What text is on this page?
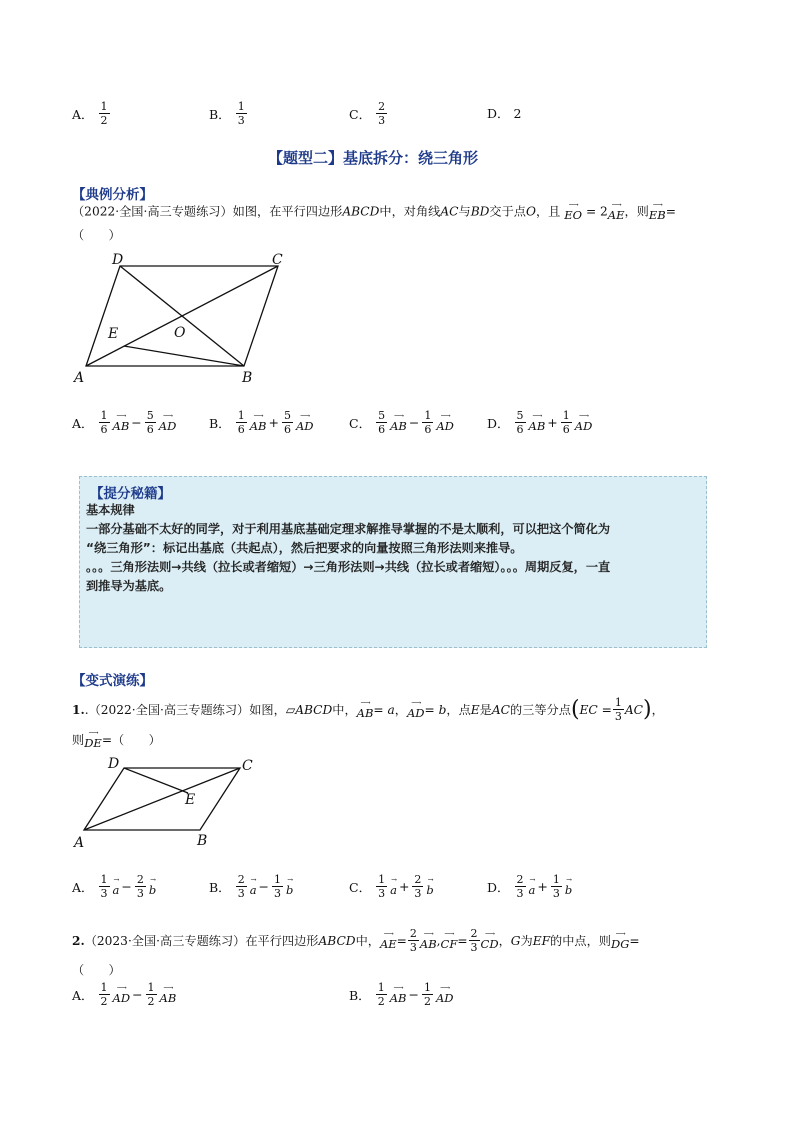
A． $\frac{1}{2}$	B． $\frac{1}{3}$	C． $\frac{2}{3}$	D． 2
【题型二】基底拆分：绕三角形
【典例分析】
（2022·全国·高三专题练习）如图，在平行四边形ABCD中，对角线AC与BD交于点O，且 ⟶
EO = 2 ⟶
AE ，则 ⟶
EB =
（　　）
A	B
C
D
E	O
A． $\frac{1}{6}$ ⟶
AB − $\frac{5}{6}$ ⟶
AD	B． $\frac{1}{6}$ ⟶
AB + $\frac{5}{6}$ ⟶
AD	C． $\frac{5}{6}$ ⟶
AB − $\frac{1}{6}$ ⟶
AD	D． $\frac{5}{6}$ ⟶
AB + $\frac{1}{6}$ ⟶
AD
【提分秘籍】
基本规律
一部分基础不太好的同学，对于利用基底基础定理求解推导掌握的不是太顺利，可以把这个简化为
“绕三角形”：标记出基底（共起点），然后把要求的向量按照三角形法则来推导。
。。。三角形法则→共线（拉长或者缩短）→三角形法则→共线（拉长或者缩短）。。。周期反复，一直
到推导为基底。
【变式演练】
1. .（2022·全国·高三专题练习）如图， ▱ ABCD 中， ⟶
AB = a ， ⟶
AD = b ，点 E 是 AC 的三等分点 ( EC = $\frac{1}{3}$ AC ) ，
则 ⟶
DE = （　　）
A	B
C
D
E
A． $\frac{1}{3}$ →
$a - \frac{2}{3}$ →
b	B． $\frac{2}{3}$ →
$a - \frac{1}{3}$ →
b	C． $\frac{1}{3}$ →
$a + \frac{2}{3}$ →
b	D． $\frac{2}{3}$ →
$a + \frac{1}{3}$ →
b
2. （2023·全国·高三专题练习）在平行四边形 ABCD 中， ⟶
AE = $\frac{2}{3}$ ⟶
AB , ⟶
CF = $\frac{2}{3}$ ⟶
CD ， G 为 EF 的中点，则 ⟶
DG =
（　　）
A． $\frac{1}{2}$ ⟶
AD − $\frac{1}{2}$ ⟶
AB	B． $\frac{1}{2}$ ⟶
AB − $\frac{1}{2}$ ⟶
AD
